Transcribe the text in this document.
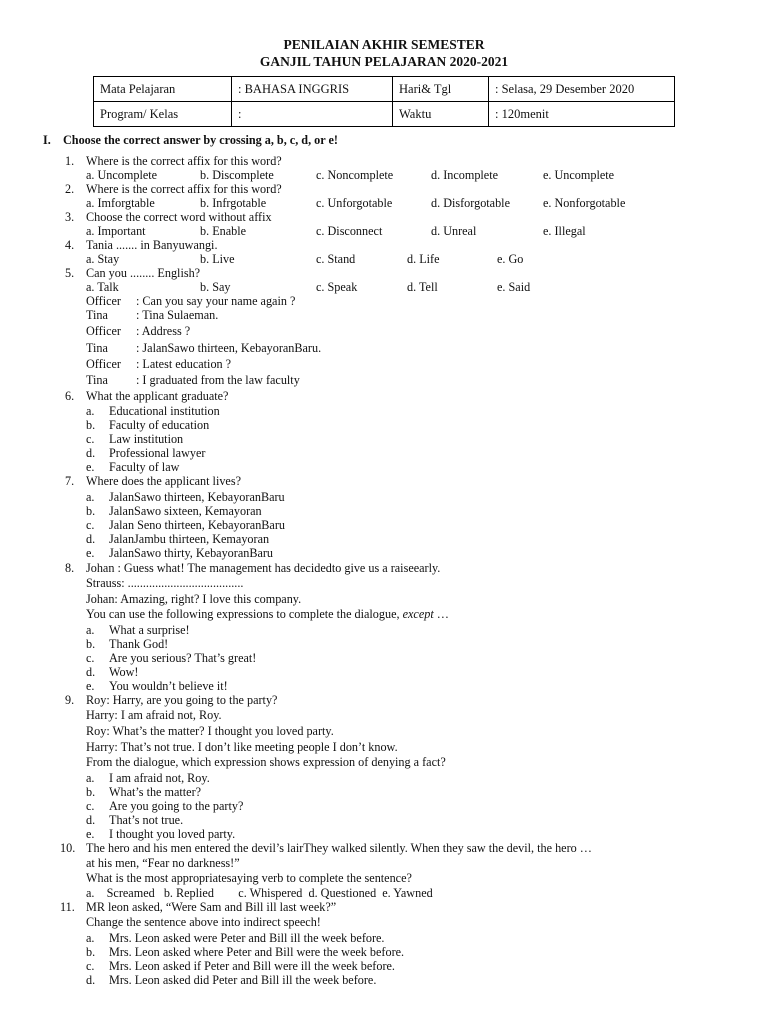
PENILAIAN AKHIR SEMESTER
GANJIL TAHUN PELAJARAN 2020-2021
Mata Pelajaran	: BAHASA INGGRIS	Hari& Tgl	: Selasa, 29 Desember 2020
Program/ Kelas	:	Waktu	: 120menit
I. Choose the correct answer by crossing a, b, c, d, or e!
1. Where is the correct affix for this word?
a. Uncomplete	b. Discomplete	c. Noncomplete	d. Incomplete	e. Uncomplete
2. Where is the correct affix for this word?
a. Imforgtable	b. Infrgotable	c. Unforgotable	d. Disforgotable	e. Nonforgotable
3. Choose the correct word without affix
a. Important	b. Enable	c. Disconnect	d. Unreal	e. Illegal
4. Tania ....... in Banyuwangi.
a. Stay	b. Live	c. Stand	d. Life	e. Go
5. Can you ........ English?
a. Talk	b. Say	c. Speak	d. Tell	e. Said
Officer : Can you say your name again ?
Tina : Tina Sulaeman.
Officer : Address ?
Tina : JalanSawo thirteen, KebayoranBaru.
Officer : Latest education ?
Tina : I graduated from the law faculty
6. What the applicant graduate?
a. Educational institution
b. Faculty of education
c. Law institution
d. Professional lawyer
e. Faculty of law
7. Where does the applicant lives?
a. JalanSawo thirteen, KebayoranBaru
b. JalanSawo sixteen, Kemayoran
c. Jalan Seno thirteen, KebayoranBaru
d. JalanJambu thirteen, Kemayoran
e. JalanSawo thirty, KebayoranBaru
8. Johan : Guess what! The management has decidedto give us a raiseearly.
Strauss: ......................................
Johan: Amazing, right? I love this company.
You can use the following expressions to complete the dialogue, except …
a. What a surprise!
b. Thank God!
c. Are you serious? That’s great!
d. Wow!
e. You wouldn’t believe it!
9. Roy: Harry, are you going to the party?
Harry: I am afraid not, Roy.
Roy: What’s the matter? I thought you loved party.
Harry: That’s not true. I don’t like meeting people I don’t know.
From the dialogue, which expression shows expression of denying a fact?
a. I am afraid not, Roy.
b. What’s the matter?
c. Are you going to the party?
d. That’s not true.
e. I thought you loved party.
10. The hero and his men entered the devil’s lairThey walked silently. When they saw the devil, the hero …
at his men, “Fear no darkness!”
What is the most appropriatesaying verb to complete the sentence?
a.    Screamed   b. Replied        c. Whispered  d. Questioned  e. Yawned
11. MR leon asked, “Were Sam and Bill ill last week?”
Change the sentence above into indirect speech!
a. Mrs. Leon asked were Peter and Bill ill the week before.
b. Mrs. Leon asked where Peter and Bill were the week before.
c. Mrs. Leon asked if Peter and Bill were ill the week before.
d. Mrs. Leon asked did Peter and Bill ill the week before.
